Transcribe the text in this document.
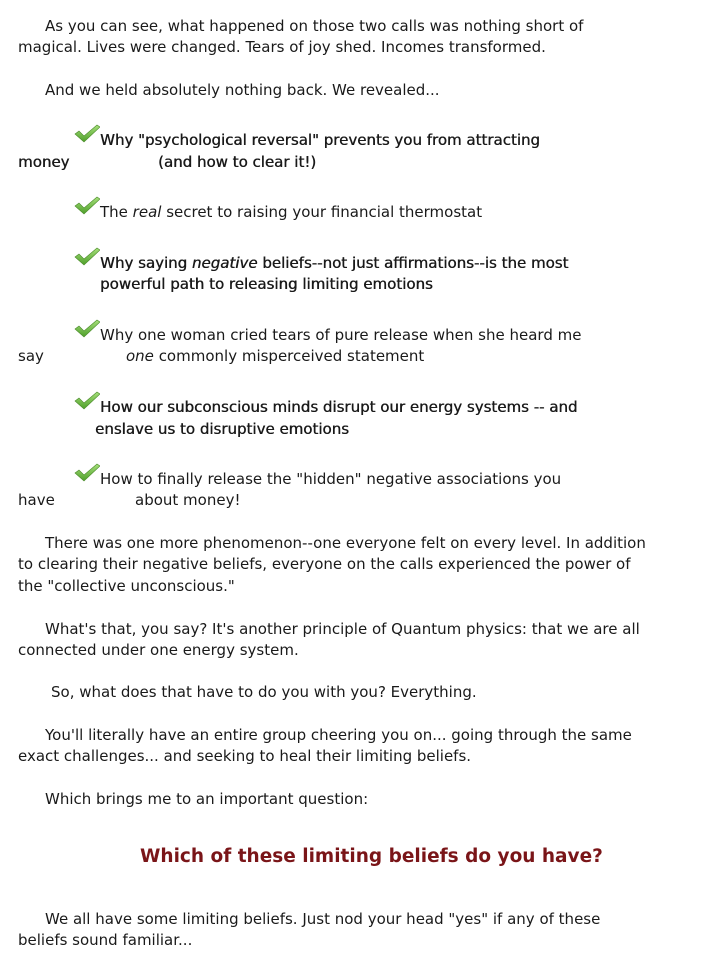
As you can see, what happened on those two calls was nothing short of
magical. Lives were changed. Tears of joy shed. Incomes transformed.
And we held absolutely nothing back. We revealed...
Why "psychological reversal" prevents you from attracting
money	(and how to clear it!)
The real secret to raising your financial thermostat
Why saying negative beliefs--not just affirmations--is the most
powerful path to releasing limiting emotions
Why one woman cried tears of pure release when she heard me
say	one commonly misperceived statement
How our subconscious minds disrupt our energy systems -- and
enslave us to disruptive emotions
How to finally release the "hidden" negative associations you
have	about money!
There was one more phenomenon--one everyone felt on every level. In addition
to clearing their negative beliefs, everyone on the calls experienced the power of
the "collective unconscious."
What's that, you say? It's another principle of Quantum physics: that we are all
connected under one energy system.
So, what does that have to do you with you? Everything.
You'll literally have an entire group cheering you on... going through the same
exact challenges... and seeking to heal their limiting beliefs.
Which brings me to an important question:
Which of these limiting beliefs do you have?
We all have some limiting beliefs. Just nod your head "yes" if any of these
beliefs sound familiar...
